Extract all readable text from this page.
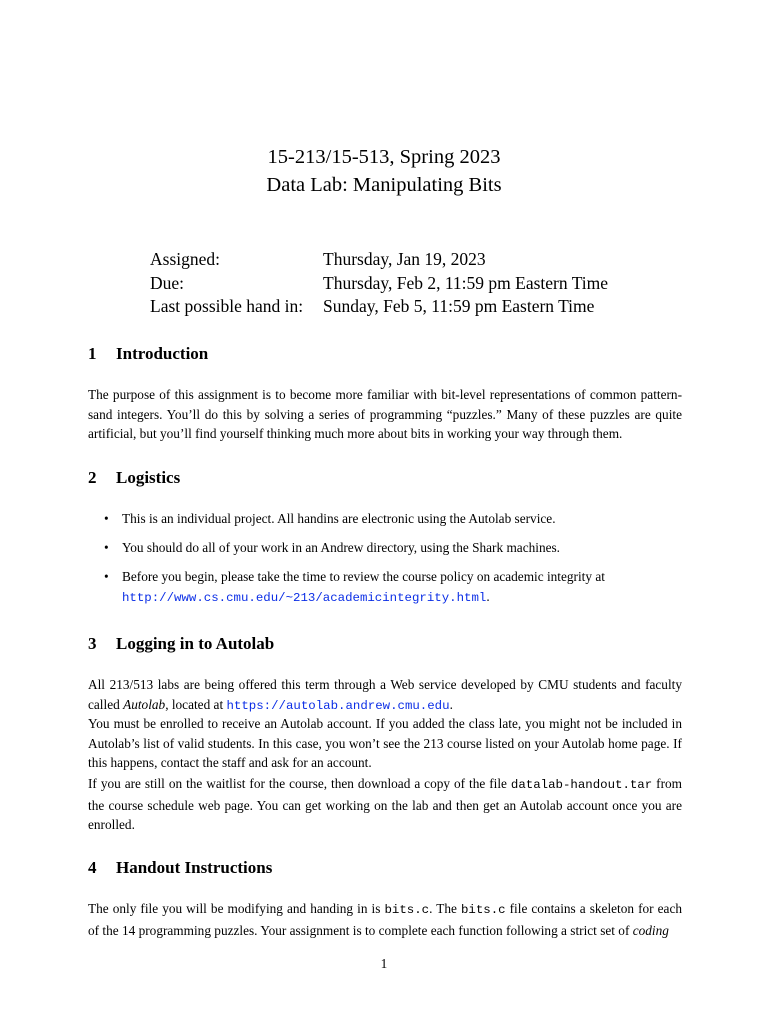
15-213/15-513, Spring 2023
Data Lab: Manipulating Bits
Assigned:	Thursday, Jan 19, 2023
Due:	Thursday, Feb 2, 11:59 pm Eastern Time
Last possible hand in:	Sunday, Feb 5, 11:59 pm Eastern Time
1 Introduction
The purpose of this assignment is to become more familiar with bit-level representations of common pattern-sand integers. You’ll do this by solving a series of programming “puzzles.” Many of these puzzles are quite artificial, but you’ll find yourself thinking much more about bits in working your way through them.
2 Logistics
• This is an individual project. All handins are electronic using the Autolab service.
• You should do all of your work in an Andrew directory, using the Shark machines.
• Before you begin, please take the time to review the course policy on academic integrity at http://www.cs.cmu.edu/~213/academicintegrity.html.
3 Logging in to Autolab
All 213/513 labs are being offered this term through a Web service developed by CMU students and faculty called Autolab, located at https://autolab.andrew.cmu.edu.
You must be enrolled to receive an Autolab account. If you added the class late, you might not be included in Autolab’s list of valid students. In this case, you won’t see the 213 course listed on your Autolab home page. If this happens, contact the staff and ask for an account.
If you are still on the waitlist for the course, then download a copy of the file datalab-handout.tar from the course schedule web page. You can get working on the lab and then get an Autolab account once you are enrolled.
4 Handout Instructions
The only file you will be modifying and handing in is bits.c. The bits.c file contains a skeleton for each of the 14 programming puzzles. Your assignment is to complete each function following a strict set of coding
1
